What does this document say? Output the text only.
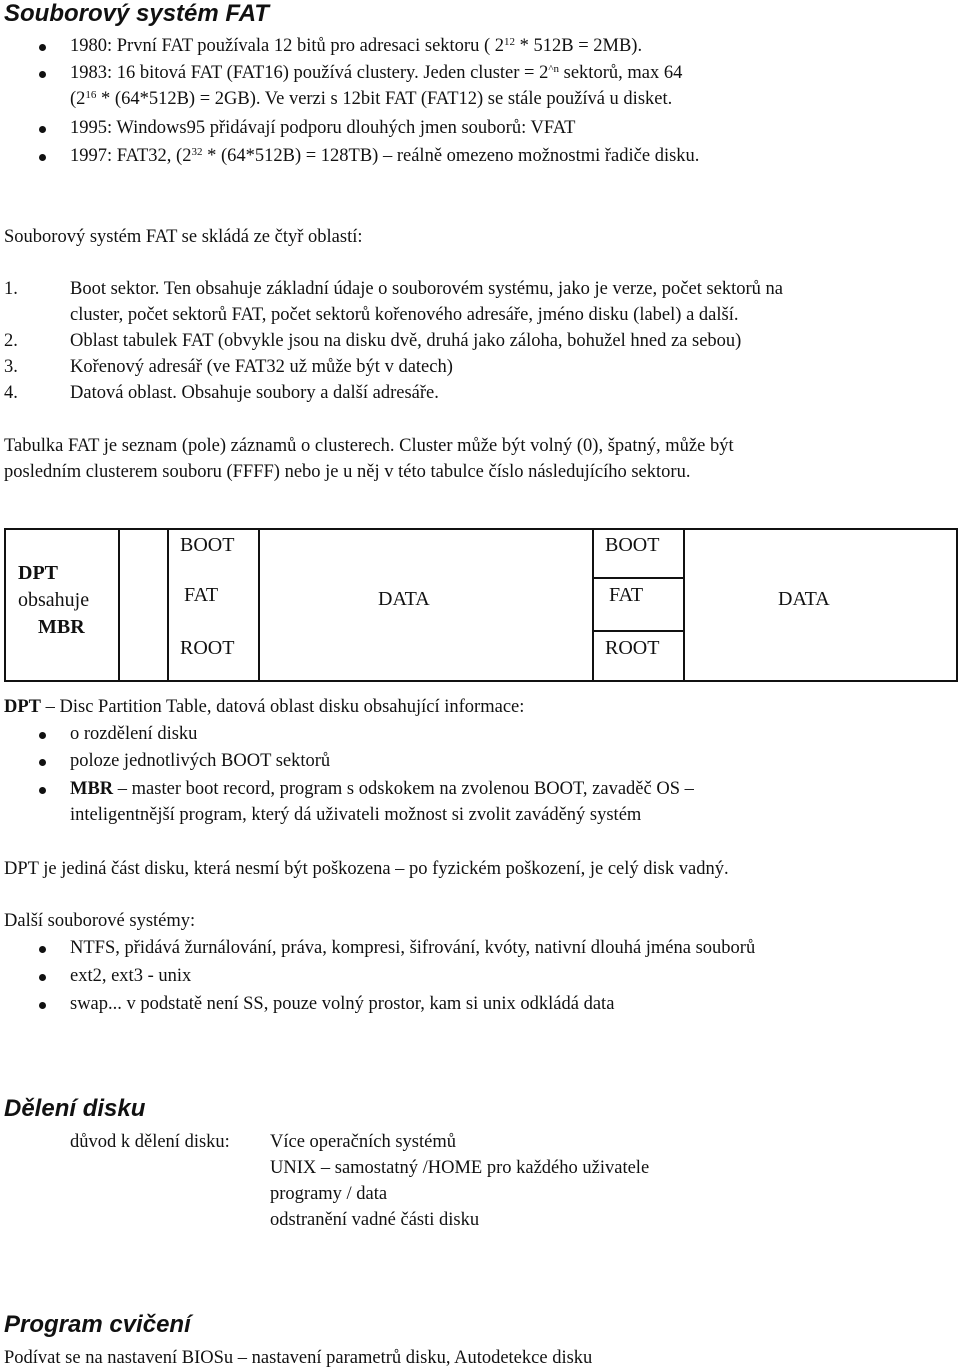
Souborový systém FAT
1980: První FAT používala 12 bitů pro adresaci sektoru ( $2^{12} * 512B = 2MB$).
1983: 16 bitová FAT (FAT16) používá clustery. Jeden cluster = $2^{\^{}n}$ sektorů, max 64
$(2^{16} * (64*512B) = 2GB)$. Ve verzi s 12bit FAT (FAT12) se stále používá u disket.
1995: Windows95 přidávají podporu dlouhých jmen souborů: VFAT
1997: FAT32, $(2^{32} * (64*512B) = 128TB)$ – reálně omezeno možnostmi řadiče disku.
Souborový systém FAT se skládá ze čtyř oblastí:
1.	Boot sektor. Ten obsahuje základní údaje o souborovém systému, jako je verze, počet sektorů na
cluster, počet sektorů FAT, počet sektorů kořenového adresáře, jméno disku (label) a další.
2.	Oblast tabulek FAT (obvykle jsou na disku dvě, druhá jako záloha, bohužel hned za sebou)
3.	Kořenový adresář (ve FAT32 už může být v datech)
4.	Datová oblast. Obsahuje soubory a další adresáře.
Tabulka FAT je seznam (pole) záznamů o clusterech. Cluster může být volný (0), špatný, může být
posledním clusterem souboru (FFFF) nebo je u něj v této tabulce číslo následujícího sektoru.
DPT
obsahuje
MBR
BOOT
FAT
ROOT
DATA
BOOT
FAT
ROOT
DATA
DPT – Disc Partition Table, datová oblast disku obsahující informace:
o rozdělení disku
poloze jednotlivých BOOT sektorů
MBR – master boot record, program s odskokem na zvolenou BOOT, zavaděč OS –
inteligentnější program, který dá uživateli možnost si zvolit zaváděný systém
DPT je jediná část disku, která nesmí být poškozena – po fyzickém poškození, je celý disk vadný.
Další souborové systémy:
NTFS, přidává žurnálování, práva, kompresi, šifrování, kvóty, nativní dlouhá jména souborů
ext2, ext3 - unix
swap... v podstatě není SS, pouze volný prostor, kam si unix odkládá data
Dělení disku
důvod k dělení disku: Více operačních systémů
UNIX – samostatný /HOME pro každého uživatele
programy / data
odstranění vadné části disku
Program cvičení
Podívat se na nastavení BIOSu – nastavení parametrů disku, Autodetekce disku
